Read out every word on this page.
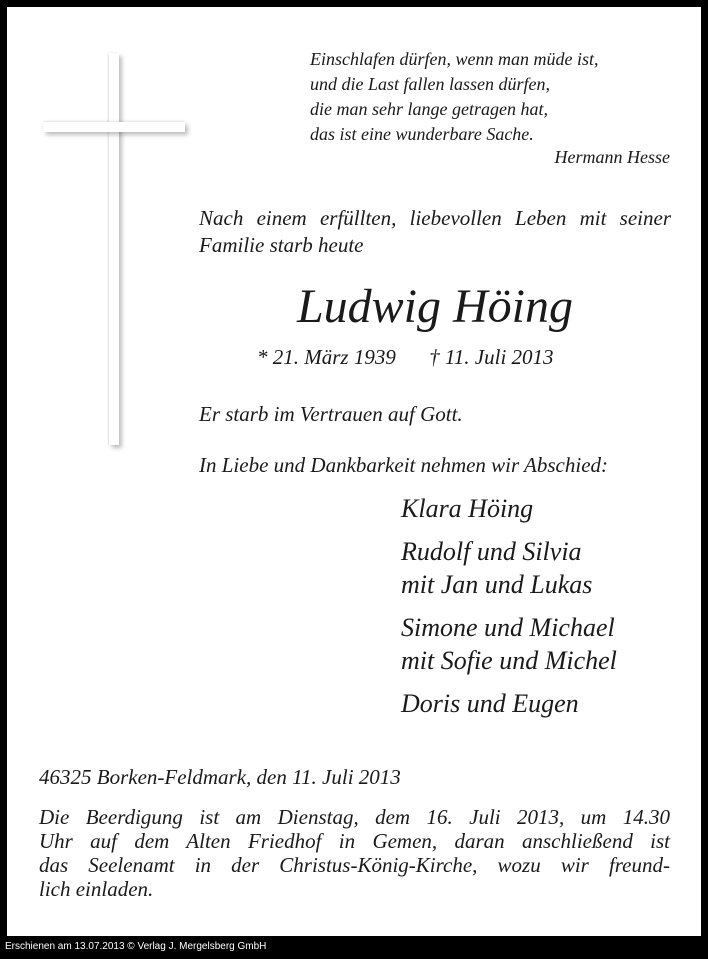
Einschlafen dürfen, wenn man müde ist,
und die Last fallen lassen dürfen,
die man sehr lange getragen hat,
das ist eine wunderbare Sache.
Hermann Hesse
Nach einem erfüllten, liebevollen Leben mit seiner Familie starb heute
Ludwig Höing
* 21. März 1939 † 11. Juli 2013
Er starb im Vertrauen auf Gott.
In Liebe und Dankbarkeit nehmen wir Abschied:
Klara Höing
Rudolf und Silvia
mit Jan und Lukas
Simone und Michael
mit Sofie und Michel
Doris und Eugen
46325 Borken-Feldmark, den 11. Juli 2013
Die Beerdigung ist am Dienstag, dem 16. Juli 2013, um 14.30
Uhr auf dem Alten Friedhof in Gemen, daran anschließend ist
das Seelenamt in der Christus-König-Kirche, wozu wir freund-
lich einladen.
Erschienen am 13.07.2013 © Verlag J. Mergelsberg GmbH
